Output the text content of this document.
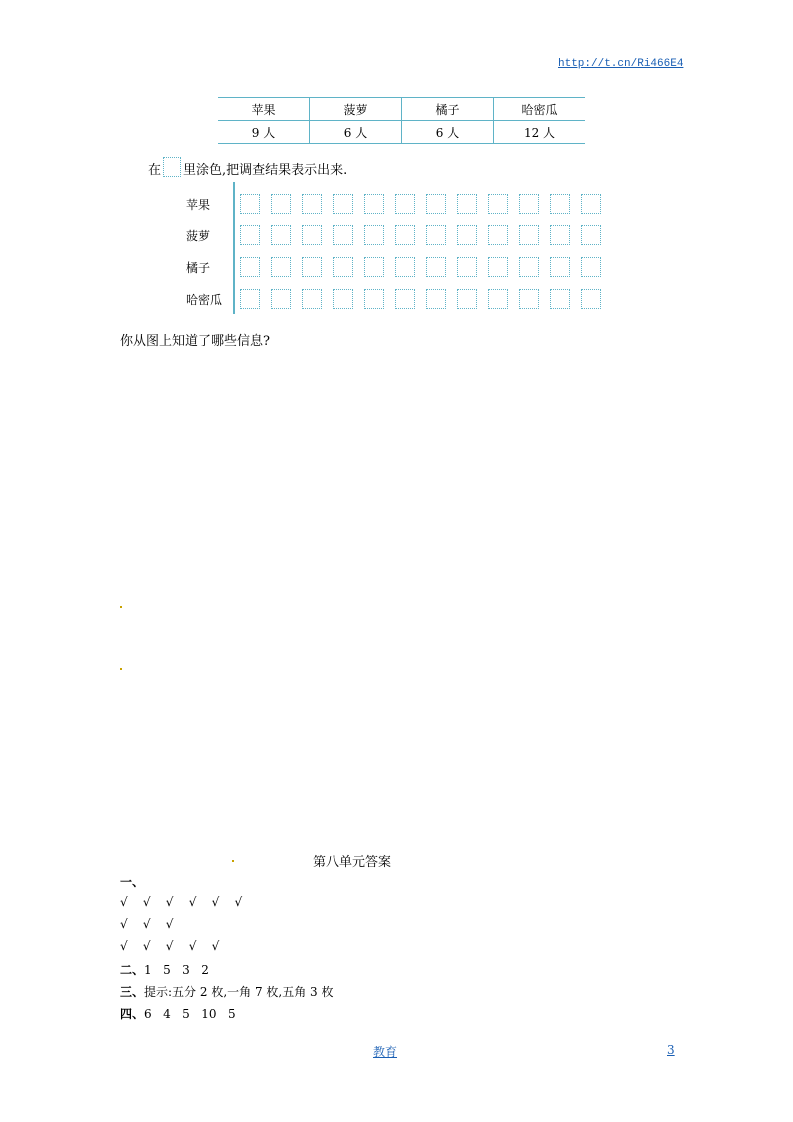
http://t.cn/Ri466E4
苹果	菠萝	橘子	哈密瓜
9 人	6 人	6 人	12 人
在 里涂色,把调查结果表示出来.
苹果
菠萝
橘子
哈密瓜
你从图上知道了哪些信息?
第八单元答案
一、
√    √    √    √    √    √
√    √    √
√    √    √    √    √
二、1   5   3   2
三、提示:五分 2 枚,一角 7 枚,五角 3 枚
四、6   4   5   10   5
教育	3
